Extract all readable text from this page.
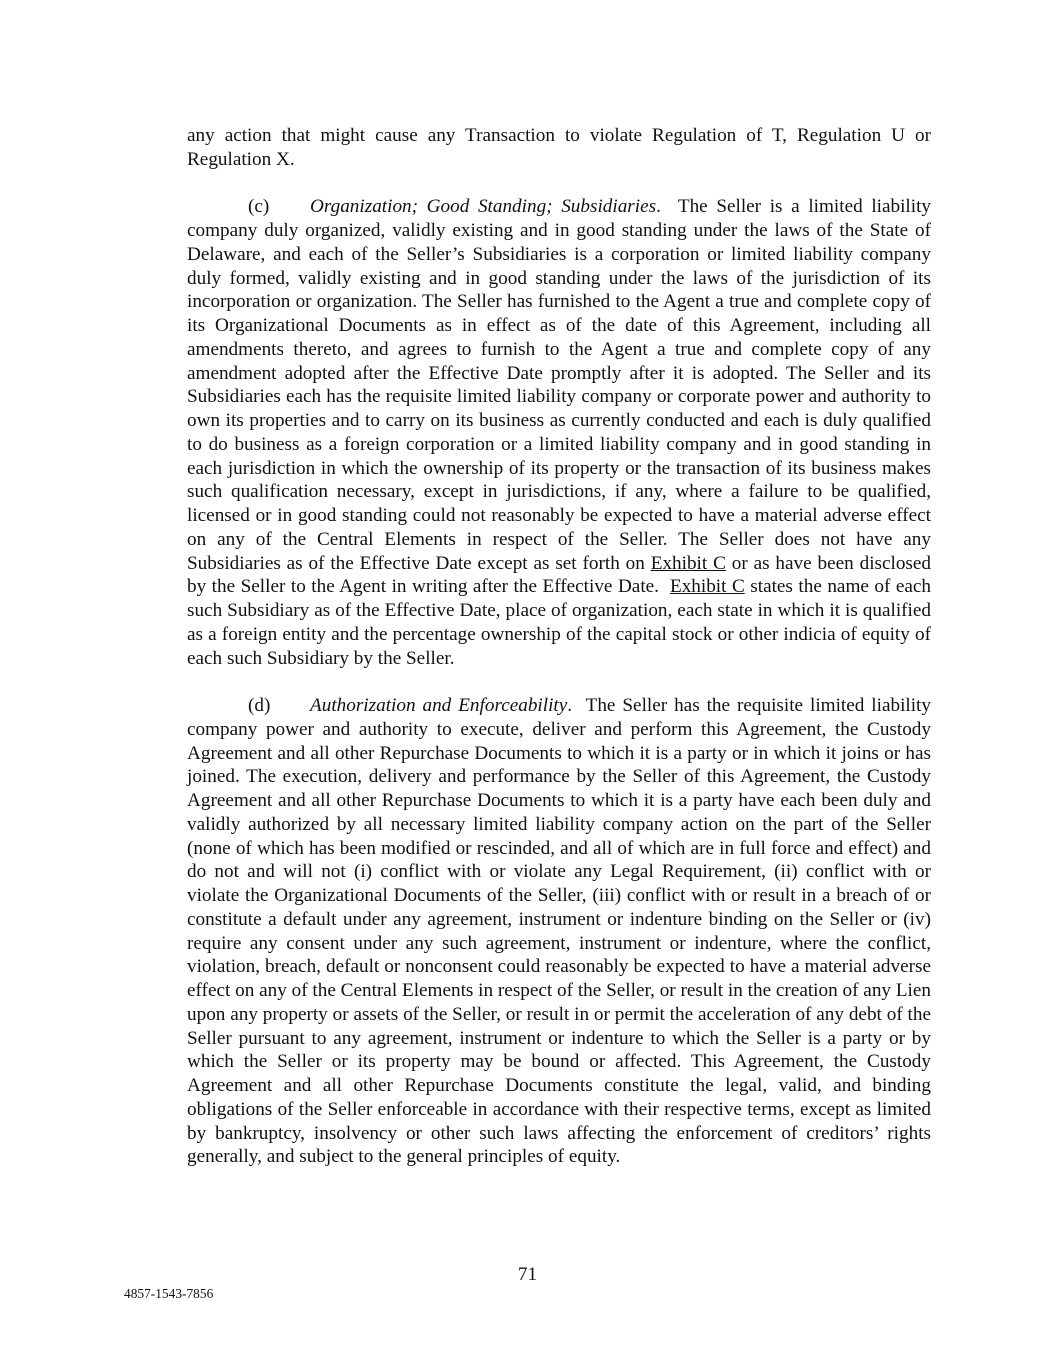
any action that might cause any Transaction to violate Regulation of T, Regulation U or Regulation X.

(c) Organization; Good Standing; Subsidiaries. The Seller is a limited liability company duly organized, validly existing and in good standing under the laws of the State of Delaware, and each of the Seller’s Subsidiaries is a corporation or limited liability company duly formed, validly existing and in good standing under the laws of the jurisdiction of its incorporation or organization. The Seller has furnished to the Agent a true and complete copy of its Organizational Documents as in effect as of the date of this Agreement, including all amendments thereto, and agrees to furnish to the Agent a true and complete copy of any amendment adopted after the Effective Date promptly after it is adopted. The Seller and its Subsidiaries each has the requisite limited liability company or corporate power and authority to own its properties and to carry on its business as currently conducted and each is duly qualified to do business as a foreign corporation or a limited liability company and in good standing in each jurisdiction in which the ownership of its property or the transaction of its business makes such qualification necessary, except in jurisdictions, if any, where a failure to be qualified, licensed or in good standing could not reasonably be expected to have a material adverse effect on any of the Central Elements in respect of the Seller. The Seller does not have any Subsidiaries as of the Effective Date except as set forth on Exhibit C or as have been disclosed by the Seller to the Agent in writing after the Effective Date. Exhibit C states the name of each such Subsidiary as of the Effective Date, place of organization, each state in which it is qualified as a foreign entity and the percentage ownership of the capital stock or other indicia of equity of each such Subsidiary by the Seller.

(d) Authorization and Enforceability. The Seller has the requisite limited liability company power and authority to execute, deliver and perform this Agreement, the Custody Agreement and all other Repurchase Documents to which it is a party or in which it joins or has joined. The execution, delivery and performance by the Seller of this Agreement, the Custody Agreement and all other Repurchase Documents to which it is a party have each been duly and validly authorized by all necessary limited liability company action on the part of the Seller (none of which has been modified or rescinded, and all of which are in full force and effect) and do not and will not (i) conflict with or violate any Legal Requirement, (ii) conflict with or violate the Organizational Documents of the Seller, (iii) conflict with or result in a breach of or constitute a default under any agreement, instrument or indenture binding on the Seller or (iv) require any consent under any such agreement, instrument or indenture, where the conflict, violation, breach, default or nonconsent could reasonably be expected to have a material adverse effect on any of the Central Elements in respect of the Seller, or result in the creation of any Lien upon any property or assets of the Seller, or result in or permit the acceleration of any debt of the Seller pursuant to any agreement, instrument or indenture to which the Seller is a party or by which the Seller or its property may be bound or affected. This Agreement, the Custody Agreement and all other Repurchase Documents constitute the legal, valid, and binding obligations of the Seller enforceable in accordance with their respective terms, except as limited by bankruptcy, insolvency or other such laws affecting the enforcement of creditors’ rights generally, and subject to the general principles of equity.

71
4857-1543-7856
